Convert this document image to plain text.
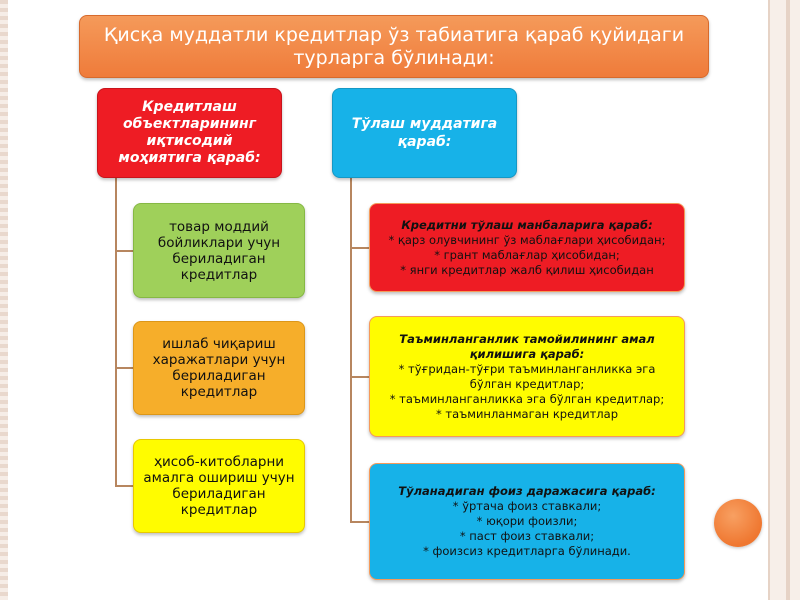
Қисқа муддатли кредитлар ўз табиатига қараб қуйидаги турларга бўлинади:
Кредитлаш объектларининг иқтисодий моҳиятига қараб:
Тўлаш муддатига қараб:
товар моддий бойликлари учун бериладиган кредитлар
ишлаб чиқариш харажатлари учун бериладиган кредитлар
ҳисоб-китобларни амалга ошириш учун бериладиган кредитлар
Кредитни тўлаш манбаларига қараб:
* қарз олувчининг ўз маблағлари ҳисобидан;
* грант маблағлар ҳисобидан;
* янги кредитлар жалб қилиш ҳисобидан
Таъминланганлик тамойилининг амал қилишига қараб:
* тўғридан-тўғри таъминланганликка эга бўлган кредитлар;
* таъминланганликка эга бўлган кредитлар;
* таъминланмаган кредитлар
Тўланадиган фоиз даражасига қараб:
* ўртача фоиз ставкали;
* юқори фоизли;
* паст фоиз ставкали;
* фоизсиз кредитларга бўлинади.
